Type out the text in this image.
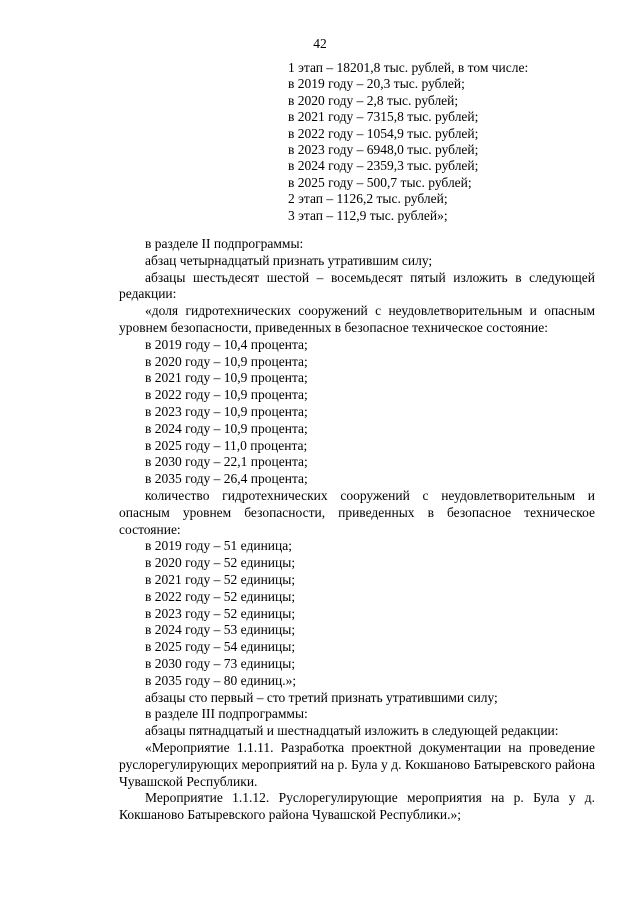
42
1 этап – 18201,8 тыс. рублей, в том числе:
в 2019 году – 20,3 тыс. рублей;
в 2020 году – 2,8 тыс. рублей;
в 2021 году – 7315,8 тыс. рублей;
в 2022 году – 1054,9 тыс. рублей;
в 2023 году – 6948,0 тыс. рублей;
в 2024 году – 2359,3 тыс. рублей;
в 2025 году – 500,7 тыс. рублей;
2 этап – 1126,2 тыс. рублей;
3 этап – 112,9 тыс. рублей»;

в разделе II подпрограммы:

абзац четырнадцатый признать утратившим силу;

абзацы шестьдесят шестой – восемьдесят пятый изложить в следующей редакции:

«доля гидротехнических сооружений с неудовлетворительным и опасным уровнем безопасности, приведенных в безопасное техническое состояние:

в 2019 году – 10,4 процента;

в 2020 году – 10,9 процента;

в 2021 году – 10,9 процента;

в 2022 году – 10,9 процента;

в 2023 году – 10,9 процента;

в 2024 году – 10,9 процента;

в 2025 году – 11,0 процента;

в 2030 году – 22,1 процента;

в 2035 году – 26,4 процента;

количество гидротехнических сооружений с неудовлетворительным и опасным уровнем безопасности, приведенных в безопасное техническое состояние:

в 2019 году – 51 единица;

в 2020 году – 52 единицы;

в 2021 году – 52 единицы;

в 2022 году – 52 единицы;

в 2023 году – 52 единицы;

в 2024 году – 53 единицы;

в 2025 году – 54 единицы;

в 2030 году – 73 единицы;

в 2035 году – 80 единиц.»;

абзацы сто первый – сто третий признать утратившими силу;

в разделе III подпрограммы:

абзацы пятнадцатый и шестнадцатый изложить в следующей редакции:

«Мероприятие 1.1.11. Разработка проектной документации на проведение руслорегулирующих мероприятий на р. Була у д. Кокшаново Батыревского района Чувашской Республики.

Мероприятие 1.1.12. Руслорегулирующие мероприятия на р. Була у д. Кокшаново Батыревского района Чувашской Республики.»;
